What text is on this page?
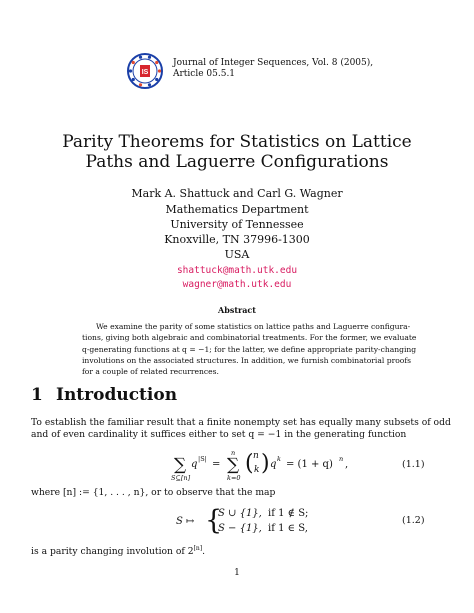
IS
Journal of Integer Sequences, Vol. 8 (2005),
Article 05.5.1
Parity Theorems for Statistics on Lattice
Paths and Laguerre Configurations
Mark A. Shattuck and Carl G. Wagner
Mathematics Department
University of Tennessee
Knoxville, TN 37996-1300
USA
shattuck@math.utk.edu
wagner@math.utk.edu
Abstract
We examine the parity of some statistics on lattice paths and Laguerre configura-
tions, giving both algebraic and combinatorial treatments. For the former, we evaluate
q-generating functions at q = −1; for the latter, we define appropriate parity-changing
involutions on the associated structures. In addition, we furnish combinatorial proofs
for a couple of related recurrences.
1 Introduction
To establish the familiar result that a finite nonempty set has equally many subsets of odd
and of even cardinality it suffices either to set q = −1 in the generating function
∑
S⊆[n]
q |S| = ∑
n
k=0
( n
k ) q k = (1 + q) n ,	(1.1)
where [n] := {1, . . . , n}, or to observe that the map
S ↦ {
S ∪ {1}, if 1 ∉ S;
S − {1}, if 1 ∈ S,
(1.2)
is a parity changing involution of 2[n].
1
